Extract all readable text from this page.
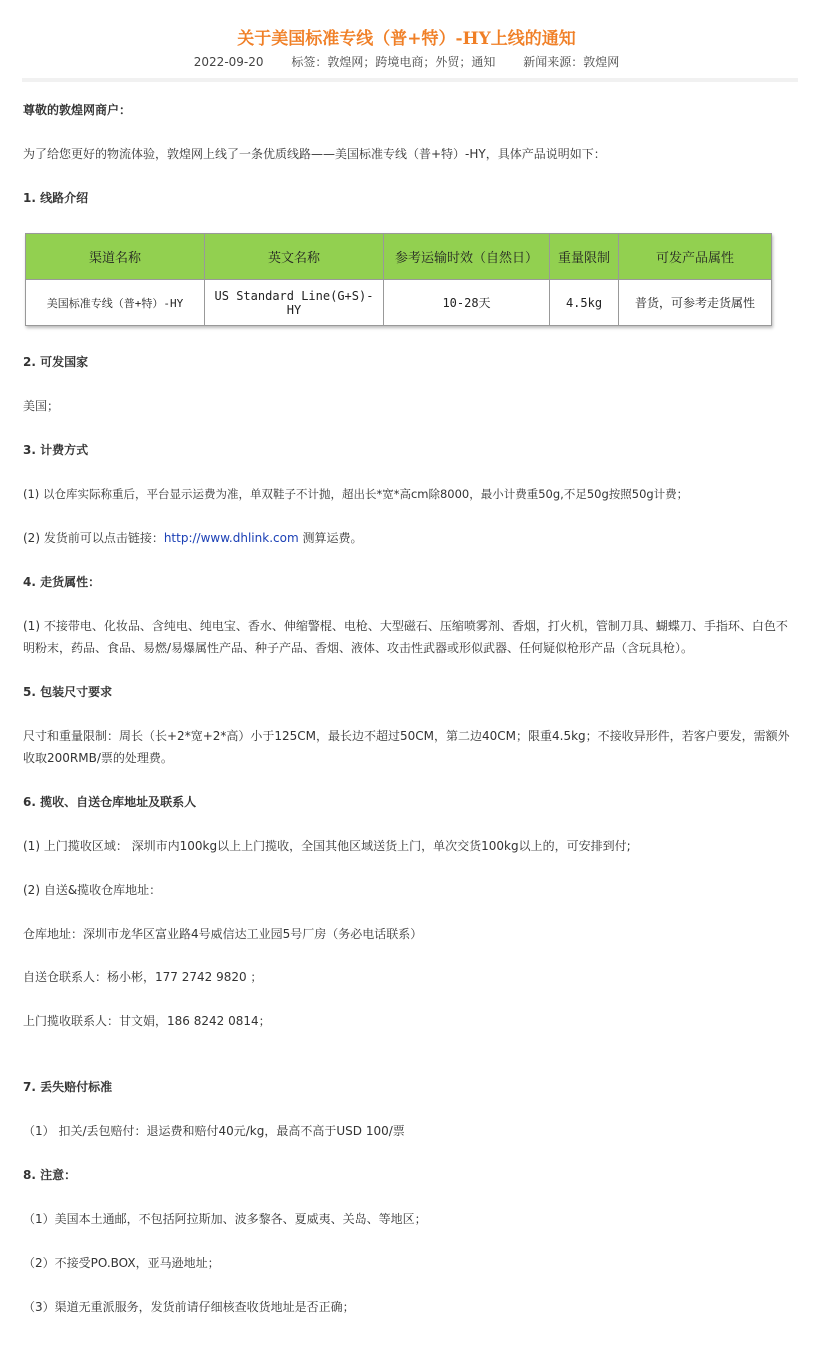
关于美国标准专线（普+特）-HY上线的通知
2022-09-20 标签：敦煌网；跨境电商；外贸；通知 新闻来源：敦煌网
尊敬的敦煌网商户：
为了给您更好的物流体验，敦煌网上线了一条优质线路——美国标准专线（普+特）-HY，具体产品说明如下：
1. 线路介绍
渠道名称	英文名称	参考运输时效（自然日）	重量限制	可发产品属性
美国标准专线（普+特）-HY	US Standard Line(G+S)-HY	10-28天	4.5kg	普货，可参考走货属性
2. 可发国家
美国；
3. 计费方式
(1) 以仓库实际称重后，平台显示运费为准，单双鞋子不计抛，超出长*宽*高cm除8000，最小计费重50g,不足50g按照50g计费；
(2) 发货前可以点击链接：http://www.dhlink.com 测算运费。
4. 走货属性：
(1) 不接带电、化妆品、含纯电、纯电宝、香水、伸缩警棍、电枪、大型磁石、压缩喷雾剂、香烟，打火机，管制刀具、蝴蝶刀、手指环、白色不明粉末，药品、食品、易燃/易爆属性产品、种子产品、香烟、液体、攻击性武器或形似武器、任何疑似枪形产品（含玩具枪）。
5. 包装尺寸要求
尺寸和重量限制：周长（长+2*宽+2*高）小于125CM，最长边不超过50CM，第二边40CM；限重4.5kg；不接收异形件，若客户要发，需额外收取200RMB/票的处理费。
6. 揽收、自送仓库地址及联系人
(1) 上门揽收区域： 深圳市内100kg以上上门揽收，全国其他区域送货上门，单次交货100kg以上的，可安排到付;
(2) 自送&揽收仓库地址：
仓库地址：深圳市龙华区富业路4号威信达工业园5号厂房（务必电话联系）
自送仓联系人：杨小彬，177 2742 9820 ；
上门揽收联系人：甘文娟，186 8242 0814；
7. 丢失赔付标准
（1） 扣关/丢包赔付：退运费和赔付40元/kg，最高不高于USD 100/票
8. 注意：
（1）美国本土通邮，不包括阿拉斯加、波多黎各、夏威夷、关岛、等地区；
（2）不接受PO.BOX，亚马逊地址；
（3）渠道无重派服务，发货前请仔细核查收货地址是否正确；
